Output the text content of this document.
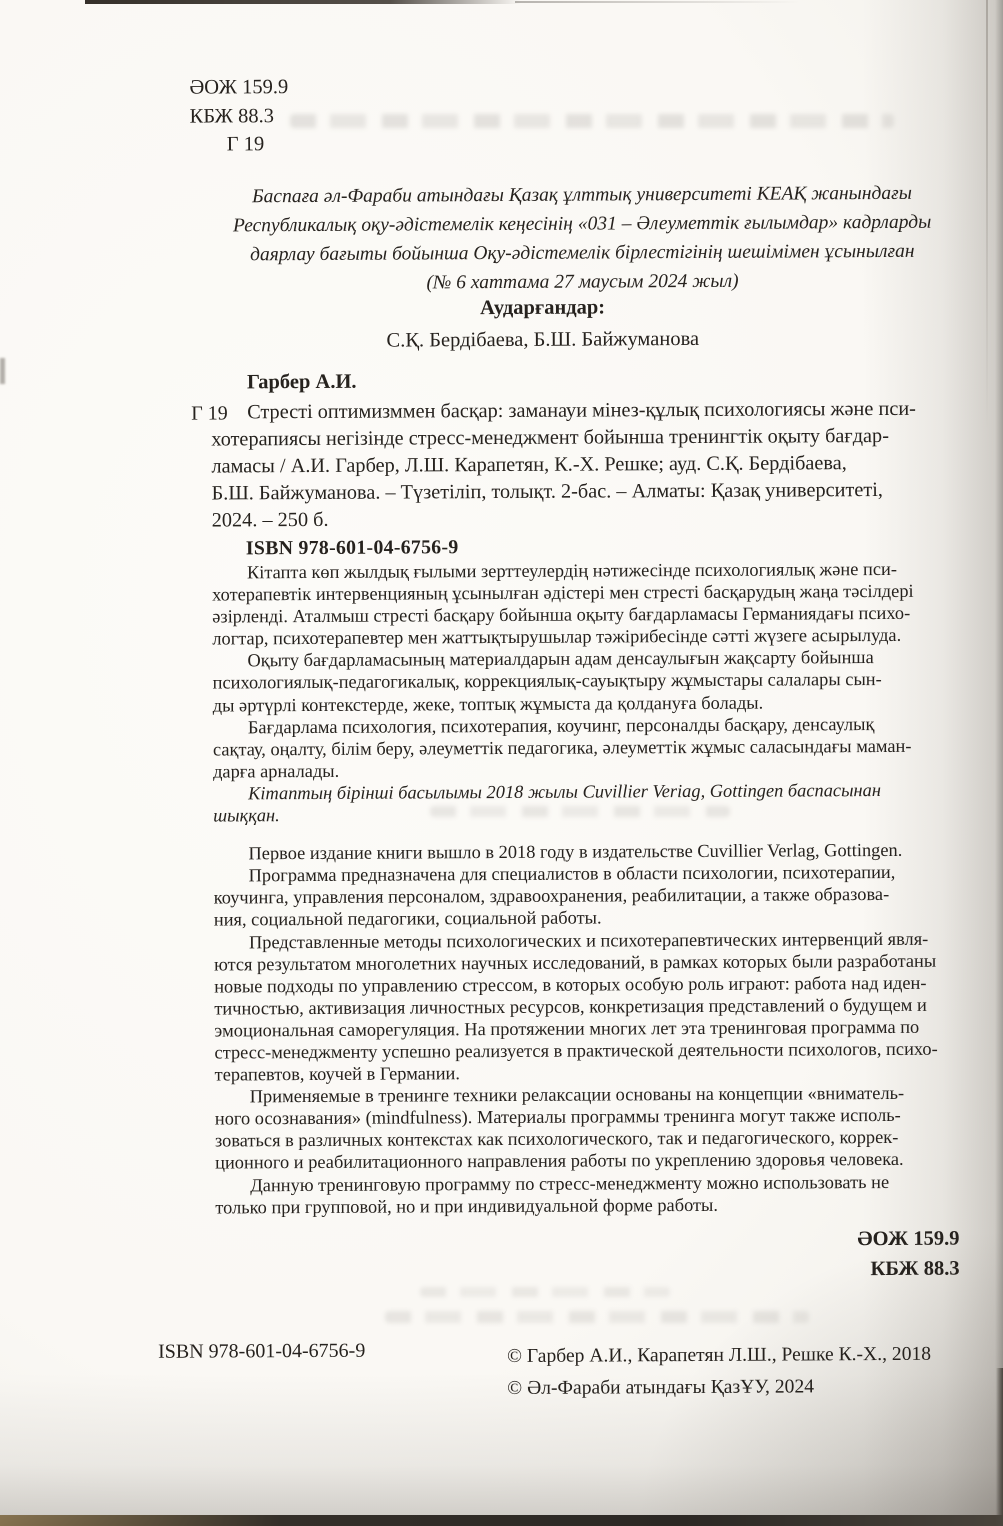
ӘОЖ 159.9
КБЖ 88.3
Г 19
Баспаға әл-Фараби атындағы Қазақ ұлттық университеті КЕАҚ жанындағы
Республикалық оқу-әдістемелік кеңесінің «031 – Әлеуметтік ғылымдар» кадрларды
даярлау бағыты бойынша Оқу-әдістемелік бірлестігінің шешімімен ұсынылған
(№ 6 хаттама 27 маусым 2024 жыл)
Аударғандар:
С.Қ. Бердібаева, Б.Ш. Байжуманова
Гарбер А.И.
Г 19 Стресті оптимизммен басқар: заманауи мінез-құлық психологиясы және пси-
хотерапиясы негізінде стресс-менеджмент бойынша тренингтік оқыту бағдар-
ламасы / А.И. Гарбер, Л.Ш. Карапетян, К.-Х. Решке; ауд. С.Қ. Бердібаева,
Б.Ш. Байжуманова. – Түзетіліп, толықт. 2-бас. – Алматы: Қазақ университеті,
2024. – 250 б.
ISBN 978-601-04-6756-9

Кітапта көп жылдық ғылыми зерттеулердің нәтижесінде психологиялық және пси-
хотерапевтік интервенцияның ұсынылған әдістері мен стресті басқарудың жаңа тәсілдері
әзірленді. Аталмыш стресті басқару бойынша оқыту бағдарламасы Германиядағы психо-
логтар, психотерапевтер мен жаттықтырушылар тәжірибесінде сәтті жүзеге асырылуда.

Оқыту бағдарламасының материалдарын адам денсаулығын жақсарту бойынша
психологиялық-педагогикалық, коррекциялық-сауықтыру жұмыстары салалары сын-
ды әртүрлі контекстерде, жеке, топтық жұмыста да қолдануға болады.

Бағдарлама психология, психотерапия, коучинг, персоналды басқару, денсаулық
сақтау, оңалту, білім беру, әлеуметтік педагогика, әлеуметтік жұмыс саласындағы маман-
дарға арналады.

Кітаптың бірінші басылымы 2018 жылы Cuvillier Veriag, Gottingen баспасынан
шыққан.

Первое издание книги вышло в 2018 году в издательстве Cuvillier Verlag, Gottingen.

Программа предназначена для специалистов в области психологии, психотерапии,
коучинга, управления персоналом, здравоохранения, реабилитации, а также образова-
ния, социальной педагогики, социальной работы.

Представленные методы психологических и психотерапевтических интервенций явля-
ются результатом многолетних научных исследований, в рамках которых были разработаны
новые подходы по управлению стрессом, в которых особую роль играют: работа над иден-
тичностью, активизация личностных ресурсов, конкретизация представлений о будущем и
эмоциональная саморегуляция. На протяжении многих лет эта тренинговая программа по
стресс-менеджменту успешно реализуется в практической деятельности психологов, психо-
терапевтов, коучей в Германии.

Применяемые в тренинге техники релаксации основаны на концепции «вниматель-
ного осознавания» (mindfulness). Материалы программы тренинга могут также исполь-
зоваться в различных контекстах как психологического, так и педагогического, коррек-
ционного и реабилитационного направления работы по укреплению здоровья человека.

Данную тренинговую программу по стресс-менеджменту можно использовать не
только при групповой, но и при индивидуальной форме работы.

ӘОЖ 159.9
КБЖ 88.3
ISBN 978-601-04-6756-9	© Гарбер А.И., Карапетян Л.Ш., Решке К.-Х., 2018
© Әл-Фараби атындағы ҚазҰУ, 2024
